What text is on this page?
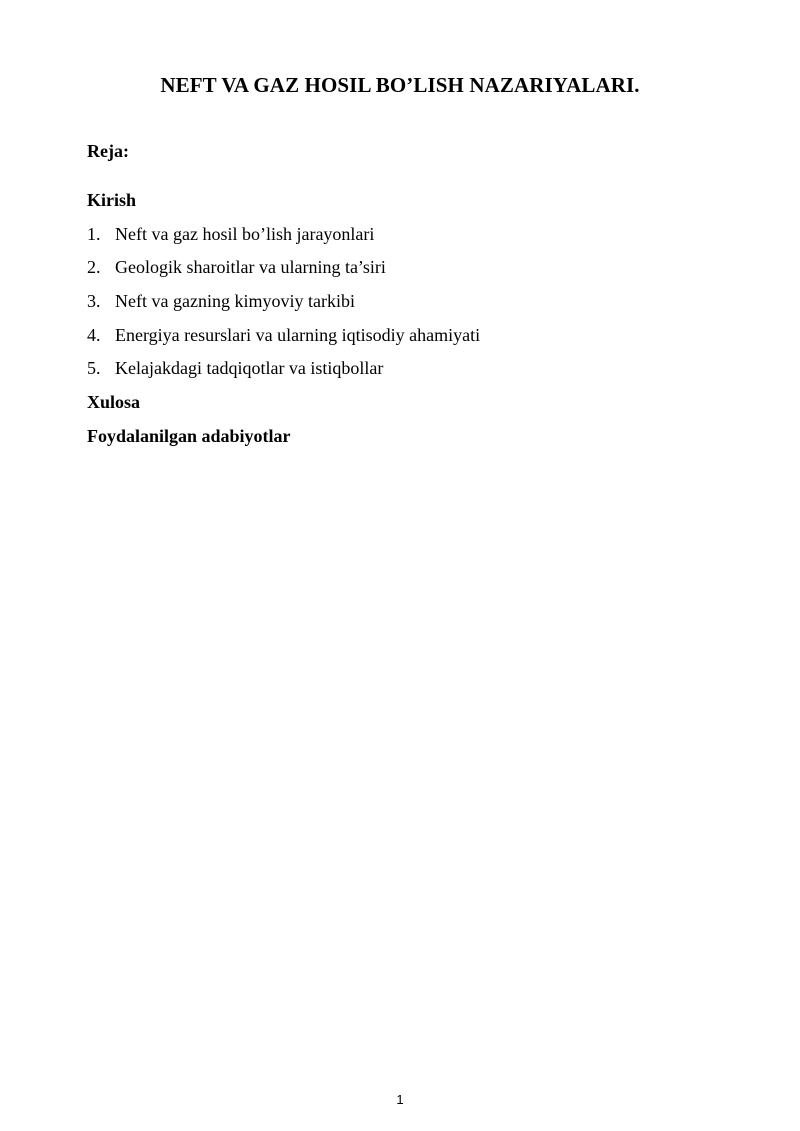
NEFT VA GAZ HOSIL BO’LISH NAZARIYALARI.
Reja:
Kirish
1. Neft va gaz hosil bo’lish jarayonlari
2. Geologik sharoitlar va ularning ta’siri
3. Neft va gazning kimyoviy tarkibi
4. Energiya resurslari va ularning iqtisodiy ahamiyati
5. Kelajakdagi tadqiqotlar va istiqbollar
Xulosa
Foydalanilgan adabiyotlar
1
